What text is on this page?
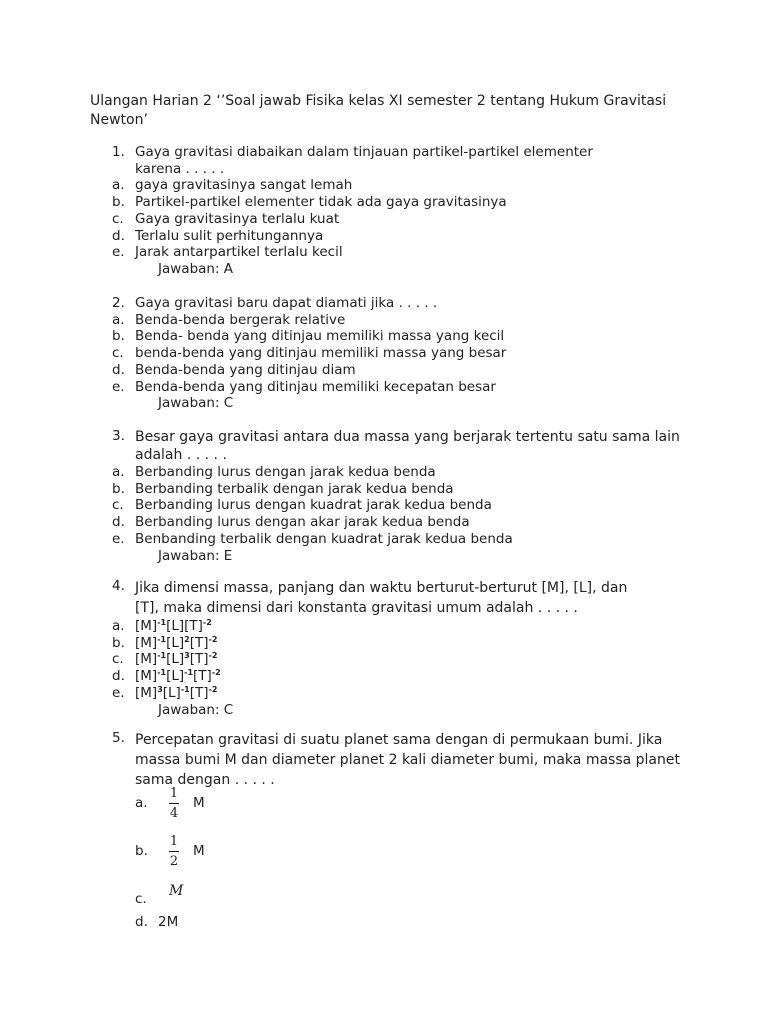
Ulangan Harian 2 ‘’Soal jawab Fisika kelas XI semester 2 tentang Hukum Gravitasi Newton’
1. Gaya gravitasi diabaikan dalam tinjauan partikel-partikel elementer karena . . . . .
a. gaya gravitasinya sangat lemah
b. Partikel-partikel elementer tidak ada gaya gravitasinya
c. Gaya gravitasinya terlalu kuat
d. Terlalu sulit perhitungannya
e. Jarak antarpartikel terlalu kecil
Jawaban: A
2. Gaya gravitasi baru dapat diamati jika . . . . .
a. Benda-benda bergerak relative
b. Benda- benda yang ditinjau memiliki massa yang kecil
c. benda-benda yang ditinjau memiliki massa yang besar
d. Benda-benda yang ditinjau diam
e. Benda-benda yang ditinjau memiliki kecepatan besar
Jawaban: C
3. Besar gaya gravitasi antara dua massa yang berjarak tertentu satu sama lain adalah . . . . .
a. Berbanding lurus dengan jarak kedua benda
b. Berbanding terbalik dengan jarak kedua benda
c. Berbanding lurus dengan kuadrat jarak kedua benda
d. Berbanding lurus dengan akar jarak kedua benda
e. Benbanding terbalik dengan kuadrat jarak kedua benda
Jawaban: E
4. Jika dimensi massa, panjang dan waktu berturut-berturut [M], [L], dan [T], maka dimensi dari konstanta gravitasi umum adalah . . . . .
a. $[M]^{-1}[L][T]^{-2}$
b. $[M]^{-1}[L]^2[T]^{-2}$
c. $[M]^{-1}[L]^3[T]^{-2}$
d. $[M]^{-1}[L]^{-1}[T]^{-2}$
e. $[M]^3[L]^{-1}[T]^{-2}$
Jawaban: C
5. Percepatan gravitasi di suatu planet sama dengan di permukaan bumi. Jika massa bumi M dan diameter planet 2 kali diameter bumi, maka massa planet sama dengan . . . . .
a.	$\frac{1}{4}$ M
b.	$\frac{1}{2}$ M
c.	M
d. 2M
